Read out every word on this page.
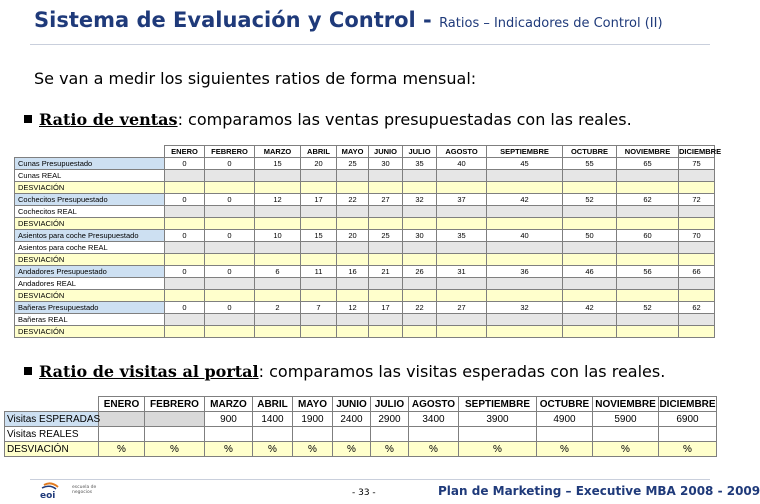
Sistema de Evaluación y Control - Ratios – Indicadores de Control (II)
Se van a medir los siguientes ratios de forma mensual:
Ratio de ventas: comparamos las ventas presupuestadas con las reales.
	ENERO	FEBRERO	MARZO	ABRIL	MAYO	JUNIO	JULIO	AGOSTO	SEPTIEMBRE	OCTUBRE	NOVIEMBRE	DICIEMBRE
Cunas Presupuestado	0	0	15	20	25	30	35	40	45	55	65	75
Cunas REAL												
DESVIACIÓN												
Cochecitos Presupuestado	0	0	12	17	22	27	32	37	42	52	62	72
Cochecitos REAL												
DESVIACIÓN												
Asientos para coche Presupuestado	0	0	10	15	20	25	30	35	40	50	60	70
Asientos para coche REAL												
DESVIACIÓN												
Andadores Presupuestado	0	0	6	11	16	21	26	31	36	46	56	66
Andadores REAL												
DESVIACIÓN												
Bañeras Presupuestado	0	0	2	7	12	17	22	27	32	42	52	62
Bañeras REAL												
DESVIACIÓN												
Ratio de visitas al portal: comparamos las visitas esperadas con las reales.
	ENERO	FEBRERO	MARZO	ABRIL	MAYO	JUNIO	JULIO	AGOSTO	SEPTIEMBRE	OCTUBRE	NOVIEMBRE	DICIEMBRE
Visitas ESPERADAS			900	1400	1900	2400	2900	3400	3900	4900	5900	6900
Visitas REALES												
DESVIACIÓN	%	%	%	%	%	%	%	%	%	%	%	%
eoi
escuela de negocios	- 33 -	Plan de Marketing – Executive MBA 2008 - 2009
